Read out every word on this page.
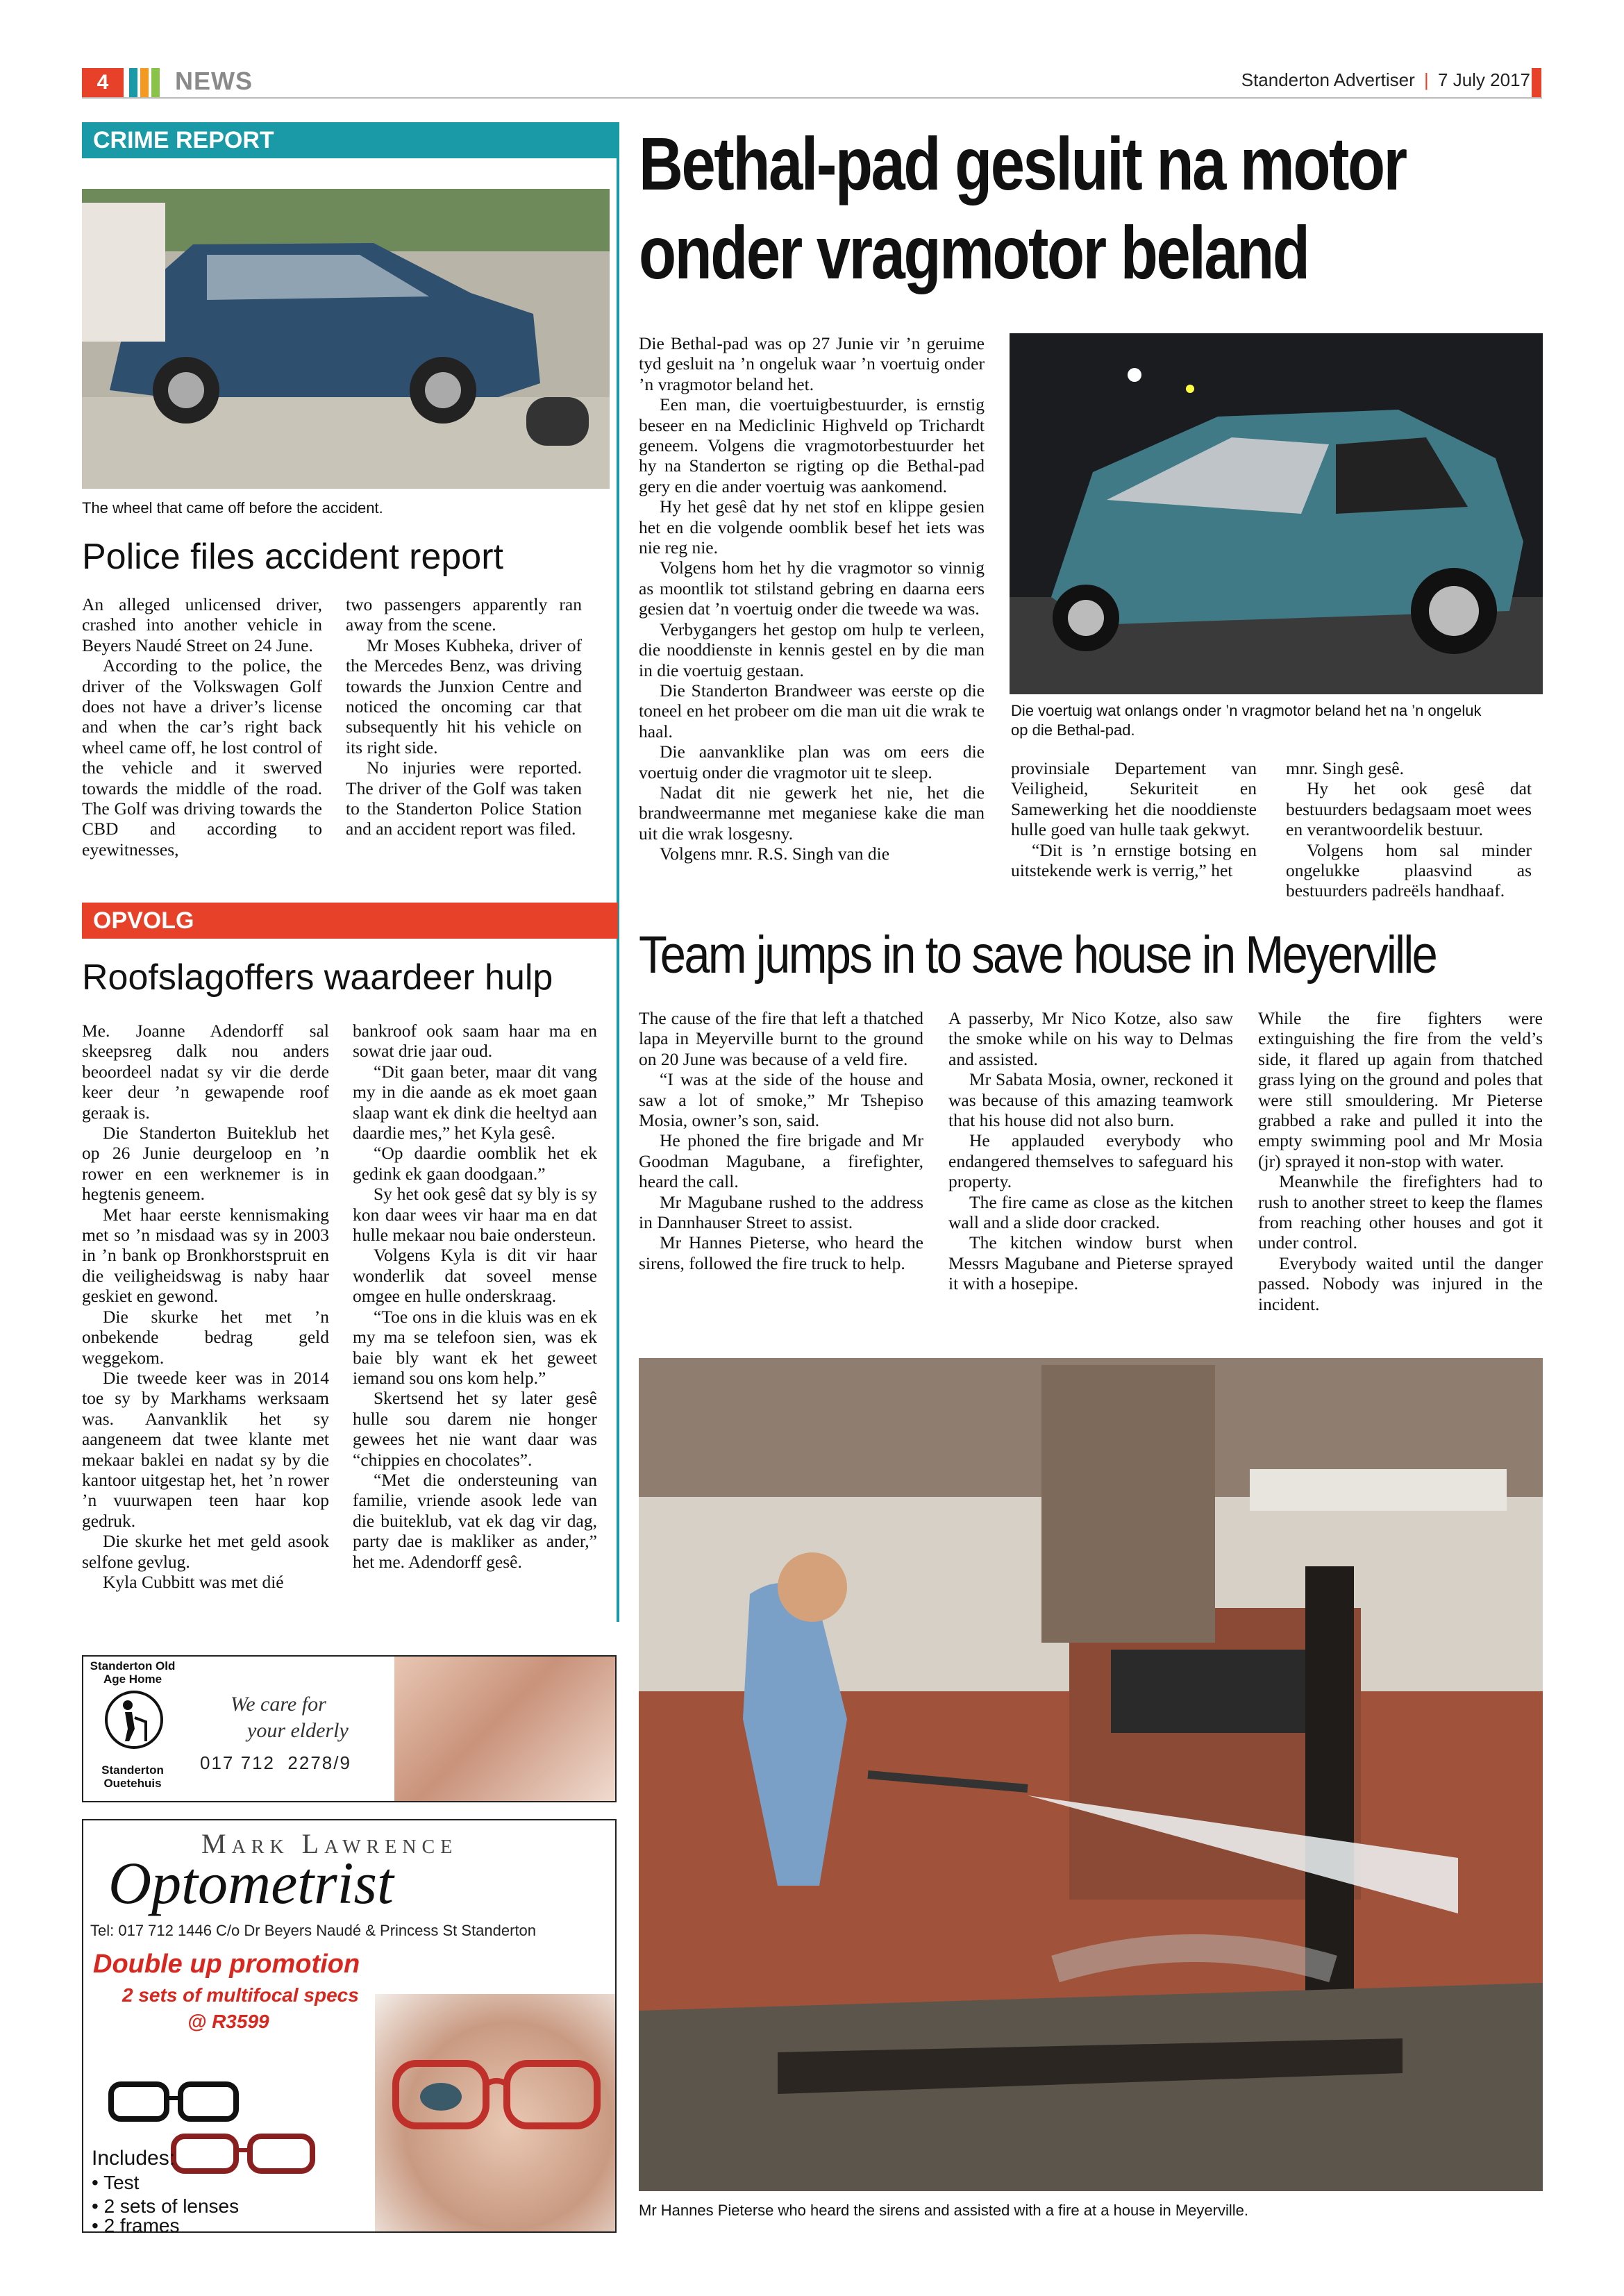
4	NEWS	Standerton Advertiser | 7 July 2017
CRIME REPORT
The wheel that came off before the accident.
Police files accident report

An alleged unlicensed driver, crashed into another vehicle in Beyers Naudé Street on 24 June.

According to the police, the driver of the Volkswagen Golf does not have a driver’s license and when the car’s right back wheel came off, he lost control of the vehicle and it swerved towards the middle of the road. The Golf was driving towards the CBD and according to eyewitnesses,

two passengers apparently ran away from the scene.

Mr Moses Kubheka, driver of the Mercedes Benz, was driving towards the Junxion Centre and noticed the oncoming car that subsequently hit his vehicle on its right side.

No injuries were reported. The driver of the Golf was taken to the Standerton Police Station and an accident report was filed.

OPVOLG
Roofslagoffers waardeer hulp

Me. Joanne Adendorff sal skeepsreg dalk nou anders beoordeel nadat sy vir die derde keer deur ’n gewapende roof geraak is.

Die Standerton Buiteklub het op 26 Junie deurgeloop en ’n rower en een werknemer is in hegtenis geneem.

Met haar eerste kennismaking met so ’n misdaad was sy in 2003 in ’n bank op Bronkhorstspruit en die veiligheidswag is naby haar geskiet en gewond.

Die skurke het met ’n onbekende bedrag geld weggekom.

Die tweede keer was in 2014 toe sy by Markhams werksaam was. Aanvanklik het sy aangeneem dat twee klante met mekaar baklei en nadat sy by die kantoor uitgestap het, het ’n rower ’n vuurwapen teen haar kop gedruk.

Die skurke het met geld asook selfone gevlug.

Kyla Cubbitt was met dié

bankroof ook saam haar ma en sowat drie jaar oud.

“Dit gaan beter, maar dit vang my in die aande as ek moet gaan slaap want ek dink die heeltyd aan daardie mes,” het Kyla gesê.

“Op daardie oomblik het ek gedink ek gaan doodgaan.”

Sy het ook gesê dat sy bly is sy kon daar wees vir haar ma en dat hulle mekaar nou baie ondersteun.

Volgens Kyla is dit vir haar wonderlik dat soveel mense omgee en hulle onderskraag.

“Toe ons in die kluis was en ek my ma se telefoon sien, was ek baie bly want ek het geweet iemand sou ons kom help.”

Skertsend het sy later gesê hulle sou darem nie honger gewees het nie want daar was “chippies en chocolates”.

“Met die ondersteuning van familie, vriende asook lede van die buiteklub, vat ek dag vir dag, party dae is makliker as ander,” het me. Adendorff gesê.

Standerton Old Age Home
Standerton Ouetehuis
We care for
your elderly
017 712  2278/9
Mark Lawrence
Optometrist
Tel: 017 712 1446 C/o Dr Beyers Naudé & Princess St Standerton
Double up promotion
2 sets of multifocal specs
@ R3599
Includes:
• Test
• 2 sets of lenses
• 2 frames
Bethal-pad gesluit na motor
onder vragmotor beland

Die Bethal-pad was op 27 Junie vir ’n geruime tyd gesluit na ’n ongeluk waar ’n voertuig onder ’n vragmotor beland het.

Een man, die voertuigbestuurder, is ernstig beseer en na Mediclinic Highveld op Trichardt geneem. Volgens die vragmotorbestuurder het hy na Standerton se rigting op die Bethal-pad gery en die ander voertuig was aankomend.

Hy het gesê dat hy net stof en klippe gesien het en die volgende oomblik besef het iets was nie reg nie.

Volgens hom het hy die vragmotor so vinnig as moontlik tot stilstand gebring en daarna eers gesien dat ’n voertuig onder die tweede wa was.

Verbygangers het gestop om hulp te verleen, die nooddienste in kennis gestel en by die man in die voertuig gestaan.

Die Standerton Brandweer was eerste op die toneel en het probeer om die man uit die wrak te haal.

Die aanvanklike plan was om eers die voertuig onder die vragmotor uit te sleep.

Nadat dit nie gewerk het nie, het die brandweermanne met meganiese kake die man uit die wrak losgesny.

Volgens mnr. R.S. Singh van die

Die voertuig wat onlangs onder ’n vragmotor beland het na ’n ongeluk op die Bethal-pad.

provinsiale Departement van Veiligheid, Sekuriteit en Samewerking het die nooddienste hulle goed van hulle taak gekwyt.

“Dit is ’n ernstige botsing en uitstekende werk is verrig,” het

mnr. Singh gesê.

Hy het ook gesê dat bestuurders bedagsaam moet wees en verantwoordelik bestuur.

Volgens hom sal minder ongelukke plaasvind as bestuurders padreëls handhaaf.

Team jumps in to save house in Meyerville

The cause of the fire that left a thatched lapa in Meyerville burnt to the ground on 20 June was because of a veld fire.

“I was at the side of the house and saw a lot of smoke,” Mr Tshepiso Mosia, owner’s son, said.

He phoned the fire brigade and Mr Goodman Magubane, a firefighter, heard the call.

Mr Magubane rushed to the address in Dannhauser Street to assist.

Mr Hannes Pieterse, who heard the sirens, followed the fire truck to help.

A passerby, Mr Nico Kotze, also saw the smoke while on his way to Delmas and assisted.

Mr Sabata Mosia, owner, reckoned it was because of this amazing teamwork that his house did not also burn.

He applauded everybody who endangered themselves to safeguard his property.

The fire came as close as the kitchen wall and a slide door cracked.

The kitchen window burst when Messrs Magubane and Pieterse sprayed it with a hosepipe.

While the fire fighters were extinguishing the fire from the veld’s side, it flared up again from thatched grass lying on the ground and poles that were still smouldering. Mr Pieterse grabbed a rake and pulled it into the empty swimming pool and Mr Mosia (jr) sprayed it non-stop with water.

Meanwhile the firefighters had to rush to another street to keep the flames from reaching other houses and got it under control.

Everybody waited until the danger passed. Nobody was injured in the incident.

Mr Hannes Pieterse who heard the sirens and assisted with a fire at a house in Meyerville.
